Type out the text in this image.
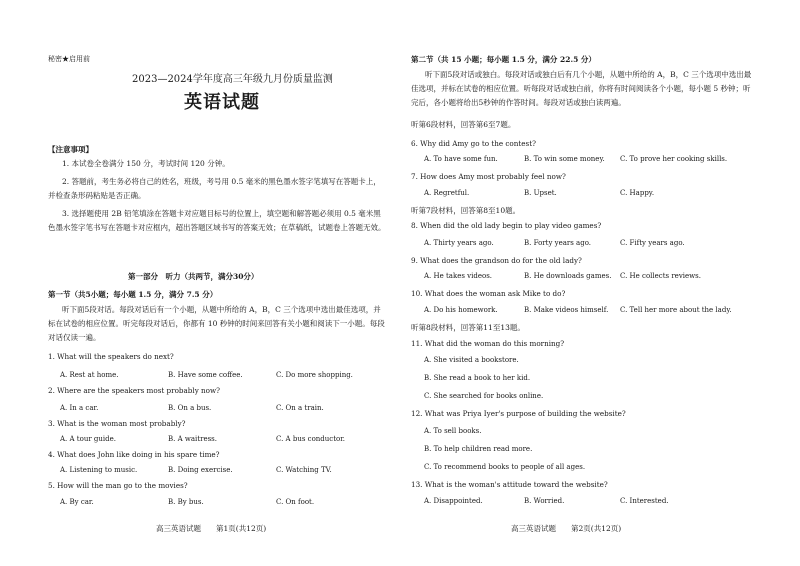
秘密★启用前
2023—2024学年度高三年级九月份质量监测
英语试题
【注意事项】
1. 本试卷全卷满分 150 分，考试时间 120 分钟。
2. 答题前，考生务必将自己的姓名，班级，考号用 0.5 毫米的黑色墨水签字笔填写在答题卡上，并检查条形码粘贴是否正确。
3. 选择题使用 2B 铅笔填涂在答题卡对应题目标号的位置上，填空题和解答题必须用 0.5 毫米黑色墨水签字笔书写在答题卡对应框内，超出答题区域书写的答案无效；在草稿纸，试题卷上答题无效。
第一部分　听力（共两节，满分30分）
第一节（共5小题；每小题 1.5 分，满分 7.5 分）
听下面5段对话。每段对话后有一个小题，从题中所给的 A，B，C 三个选项中选出最佳选项，并标在试卷的相应位置。听完每段对话后，你都有 10 秒钟的时间来回答有关小题和阅读下一小题。每段对话仅读一遍。
1. What will the speakers do next?
A. Rest at home.	B. Have some coffee.	C. Do more shopping.
2. Where are the speakers most probably now?
A. In a car.	B. On a bus.	C. On a train.
3. What is the woman most probably?
A. A tour guide.	B. A waitress.	C. A bus conductor.
4. What does John like doing in his spare time?
A. Listening to music.	B. Doing exercise.	C. Watching TV.
5. How will the man go to the movies?
A. By car.	B. By bus.	C. On foot.
高三英语试题　　第1页(共12页)
第二节（共 15 小题；每小题 1.5 分，满分 22.5 分）
听下面5段对话或独白。每段对话或独白后有几个小题，从题中所给的 A，B，C 三个选项中选出最佳选项，并标在试卷的相应位置。听每段对话或独白前，你将有时间阅读各个小题，每小题 5 秒钟；听完后，各小题将给出5秒钟的作答时间。每段对话或独白读两遍。
听第6段材料，回答第6至7题。
6. Why did Amy go to the contest?
A. To have some fun.	B. To win some money. C. To prove her cooking skills.
7. How does Amy most probably feel now?
A. Regretful.	B. Upset.	C. Happy.
听第7段材料，回答第8至10题。
8. When did the old lady begin to play video games?
A. Thirty years ago.	B. Forty years ago.	C. Fifty years ago.
9. What does the grandson do for the old lady?
A. He takes videos.	B. He downloads games. C. He collects reviews.
10. What does the woman ask Mike to do?
A. Do his homework.	B. Make videos himself. C. Tell her more about the lady.
听第8段材料，回答第11至13题。
11. What did the woman do this morning?
A. She visited a bookstore.
B. She read a book to her kid.
C. She searched for books online.
12. What was Priya Iyer's purpose of building the website?
A. To sell books.
B. To help children read more.
C. To recommend books to people of all ages.
13. What is the woman's attitude toward the website?
A. Disappointed.	B. Worried.	C. Interested.
高三英语试题　　第2页(共12页)
